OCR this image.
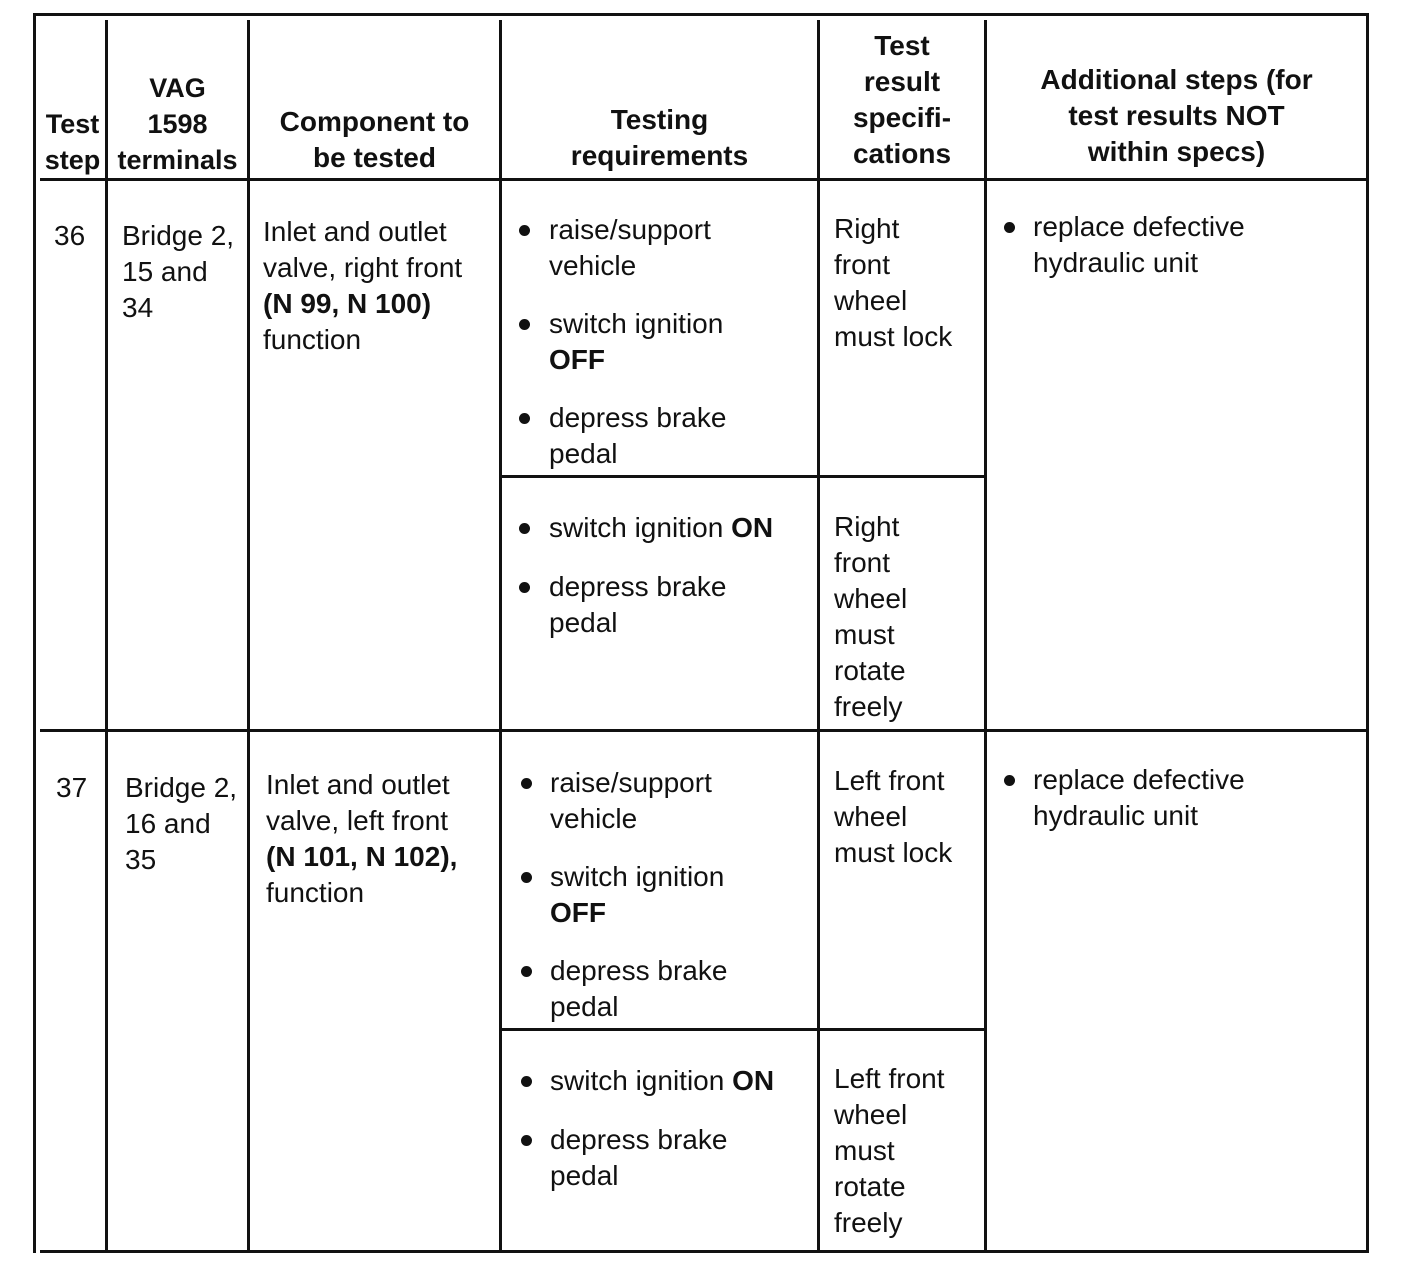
Test
step
VAG
1598
terminals
Component to
be tested
Testing
requirements
Test
result
specifi-
cations
Additional steps (for
test results NOT
within specs)
36 Bridge 2,
15 and
34
Inlet and outlet
valve, right front
(N 99, N 100)
function
raise/support
vehicle
switch ignition
OFF
depress brake
pedal
Right
front
wheel
must lock
switch ignition ON
depress brake
pedal
Right
front
wheel
must
rotate
freely
replace defective
hydraulic unit
37 Bridge 2,
16 and
35
Inlet and outlet
valve, left front
(N 101, N 102),
function
raise/support
vehicle
switch ignition
OFF
depress brake
pedal
Left front
wheel
must lock
switch ignition ON
depress brake
pedal
Left front
wheel
must
rotate
freely
replace defective
hydraulic unit
